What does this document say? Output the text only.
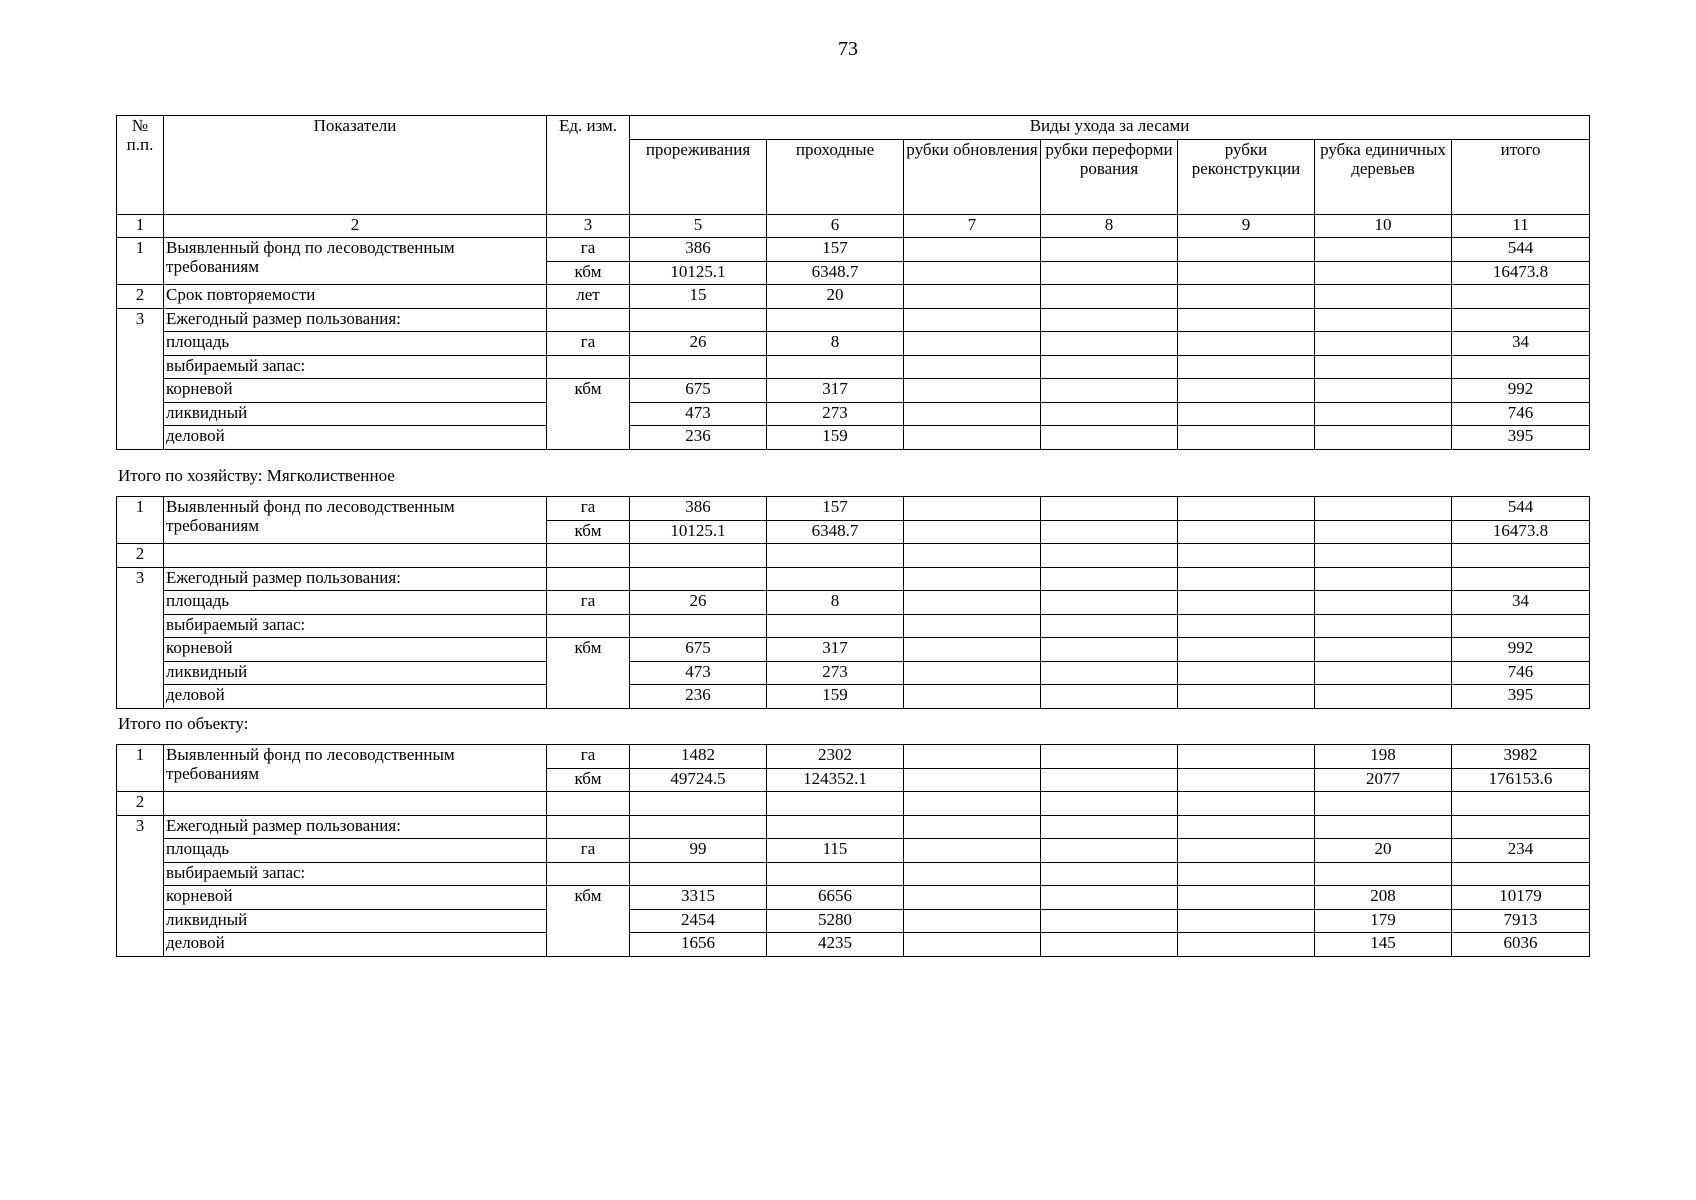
73
№ п.п.	Показатели	Ед. изм.	Виды ухода за лесами						
			прореживания	проходные	рубки обновления	рубки переформирования	рубки реконструкции	рубка единичных деревьев	итого
1	2	3	5	6	7	8	9	10	11
1	Выявленный фонд по лесоводственным требованиям	га	386	157					544
		кбм	10125.1	6348.7					16473.8
2	Срок повторяемости	лет	15	20					
3	Ежегодный размер пользования:								
	площадь	га	26	8					34
	выбираемый запас:								
	корневой	кбм	675	317					992
	ликвидный		473	273					746
	деловой		236	159					395
Итого по хозяйству: Мягколиственное
1	Выявленный фонд по лесоводственным требованиям	га	386	157					544
		кбм	10125.1	6348.7					16473.8
2									
3	Ежегодный размер пользования:								
	площадь	га	26	8					34
	выбираемый запас:								
	корневой	кбм	675	317					992
	ликвидный		473	273					746
	деловой		236	159					395
Итого по объекту:
1	Выявленный фонд по лесоводственным требованиям	га	1482	2302				198	3982
		кбм	49724.5	124352.1				2077	176153.6
2									
3	Ежегодный размер пользования:								
	площадь	га	99	115				20	234
	выбираемый запас:								
	корневой	кбм	3315	6656				208	10179
	ликвидный		2454	5280				179	7913
	деловой		1656	4235				145	6036
